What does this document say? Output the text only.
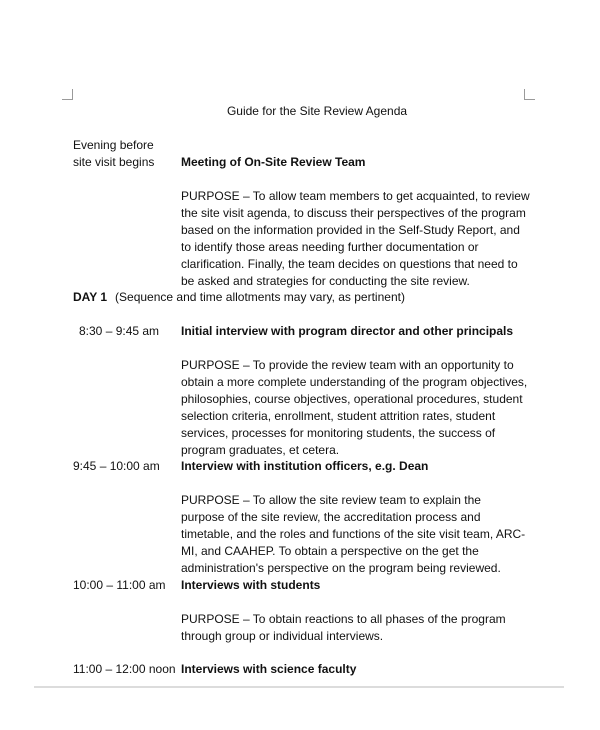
Guide for the Site Review Agenda
Evening before
site visit begins	Meeting of On-Site Review Team

PURPOSE – To allow team members to get acquainted, to review the site visit agenda, to discuss their perspectives of the program based on the information provided in the Self-Study Report, and to identify those areas needing further documentation or clarification. Finally, the team decides on questions that need to be asked and strategies for conducting the site review.

DAY 1 (Sequence and time allotments may vary, as pertinent)
8:30 – 9:45 am	Initial interview with program director and other principals

PURPOSE – To provide the review team with an opportunity to obtain a more complete understanding of the program objectives, philosophies, course objectives, operational procedures, student selection criteria, enrollment, student attrition rates, student services, processes for monitoring students, the success of program graduates, et cetera.

9:45 – 10:00 am	Interview with institution officers, e.g. Dean

PURPOSE – To allow the site review team to explain the purpose of the site review, the accreditation process and timetable, and the roles and functions of the site visit team, ARC-MI, and CAAHEP. To obtain a perspective on the get the administration's perspective on the program being reviewed.

10:00 – 11:00 am	Interviews with students

PURPOSE – To obtain reactions to all phases of the program through group or individual interviews.

11:00 – 12:00 noon Interviews with science faculty
